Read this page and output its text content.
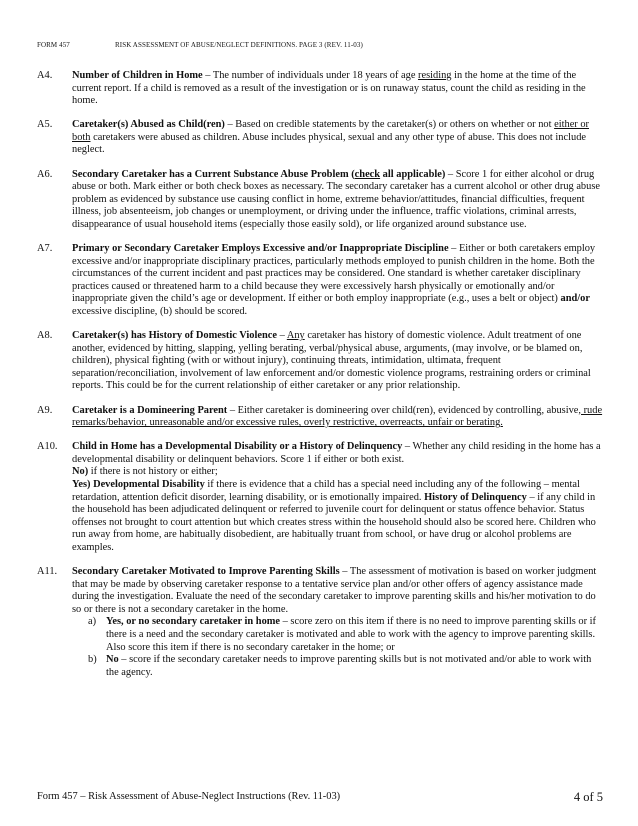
FORM 457	RISK ASSESSMENT OF ABUSE/NEGLECT DEFINITIONS. PAGE 3 (REV. 11-03)
A4. Number of Children in Home – The number of individuals under 18 years of age residing in the home at the time of the current report. If a child is removed as a result of the investigation or is on runaway status, count the child as residing in the home.

A5. Caretaker(s) Abused as Child(ren) – Based on credible statements by the caretaker(s) or others on whether or not either or both caretakers were abused as children. Abuse includes physical, sexual and any other type of abuse. This does not include neglect.

A6. Secondary Caretaker has a Current Substance Abuse Problem (check all applicable) – Score 1 for either alcohol or drug abuse or both. Mark either or both check boxes as necessary. The secondary caretaker has a current alcohol or other drug abuse problem as evidenced by substance use causing conflict in home, extreme behavior/attitudes, financial difficulties, frequent illness, job absenteeism, job changes or unemployment, or driving under the influence, traffic violations, criminal arrests, disappearance of usual household items (especially those easily sold), or life organized around substance use.

A7. Primary or Secondary Caretaker Employs Excessive and/or Inappropriate Discipline – Either or both caretakers employ excessive and/or inappropriate disciplinary practices, particularly methods employed to punish children in the home. Both the circumstances of the current incident and past practices may be considered. One standard is whether caretaker disciplinary practices caused or threatened harm to a child because they were excessively harsh physically or emotionally and/or inappropriate given the child’s age or development. If either or both employ inappropriate (e.g., uses a belt or object) and/or excessive discipline, (b) should be scored.

A8. Caretaker(s) has History of Domestic Violence – Any caretaker has history of domestic violence. Adult treatment of one another, evidenced by hitting, slapping, yelling berating, verbal/physical abuse, arguments, (may involve, or be blamed on, children), physical fighting (with or without injury), continuing threats, intimidation, ultimata, frequent separation/reconciliation, involvement of law enforcement and/or domestic violence programs, restraining orders or criminal reports. This could be for the current relationship of either caretaker or any prior relationship.

A9. Caretaker is a Domineering Parent – Either caretaker is domineering over child(ren), evidenced by controlling, abusive, rude remarks/behavior, unreasonable and/or excessive rules, overly restrictive, overreacts, unfair or berating.

A10. Child in Home has a Developmental Disability or a History of Delinquency – Whether any child residing in the home has a developmental disability or delinquent behaviors. Score 1 if either or both exist.

No) if there is not history or either;

Yes) Developmental Disability if there is evidence that a child has a special need including any of the following – mental retardation, attention deficit disorder, learning disability, or is emotionally impaired. History of Delinquency – if any child in the household has been adjudicated delinquent or referred to juvenile court for delinquent or status offence behavior. Status offenses not brought to court attention but which creates stress within the household should also be scored here. Children who run away from home, are habitually disobedient, are habitually truant from school, or have drug or alcohol problems are examples.

A11. Secondary Caretaker Motivated to Improve Parenting Skills – The assessment of motivation is based on worker judgment that may be made by observing caretaker response to a tentative service plan and/or other offers of agency assistance made during the investigation. Evaluate the need of the secondary caretaker to improve parenting skills and his/her motivation to do so or there is not a secondary caretaker in the home.

a) Yes, or no secondary caretaker in home – score zero on this item if there is no need to improve parenting skills or if there is a need and the secondary caretaker is motivated and able to work with the agency to improve parenting skills. Also score this item if there is no secondary caretaker in the home; or

b) No – score if the secondary caretaker needs to improve parenting skills but is not motivated and/or able to work with the agency.

Form 457 – Risk Assessment of Abuse-Neglect Instructions (Rev. 11-03)	4 of 5
